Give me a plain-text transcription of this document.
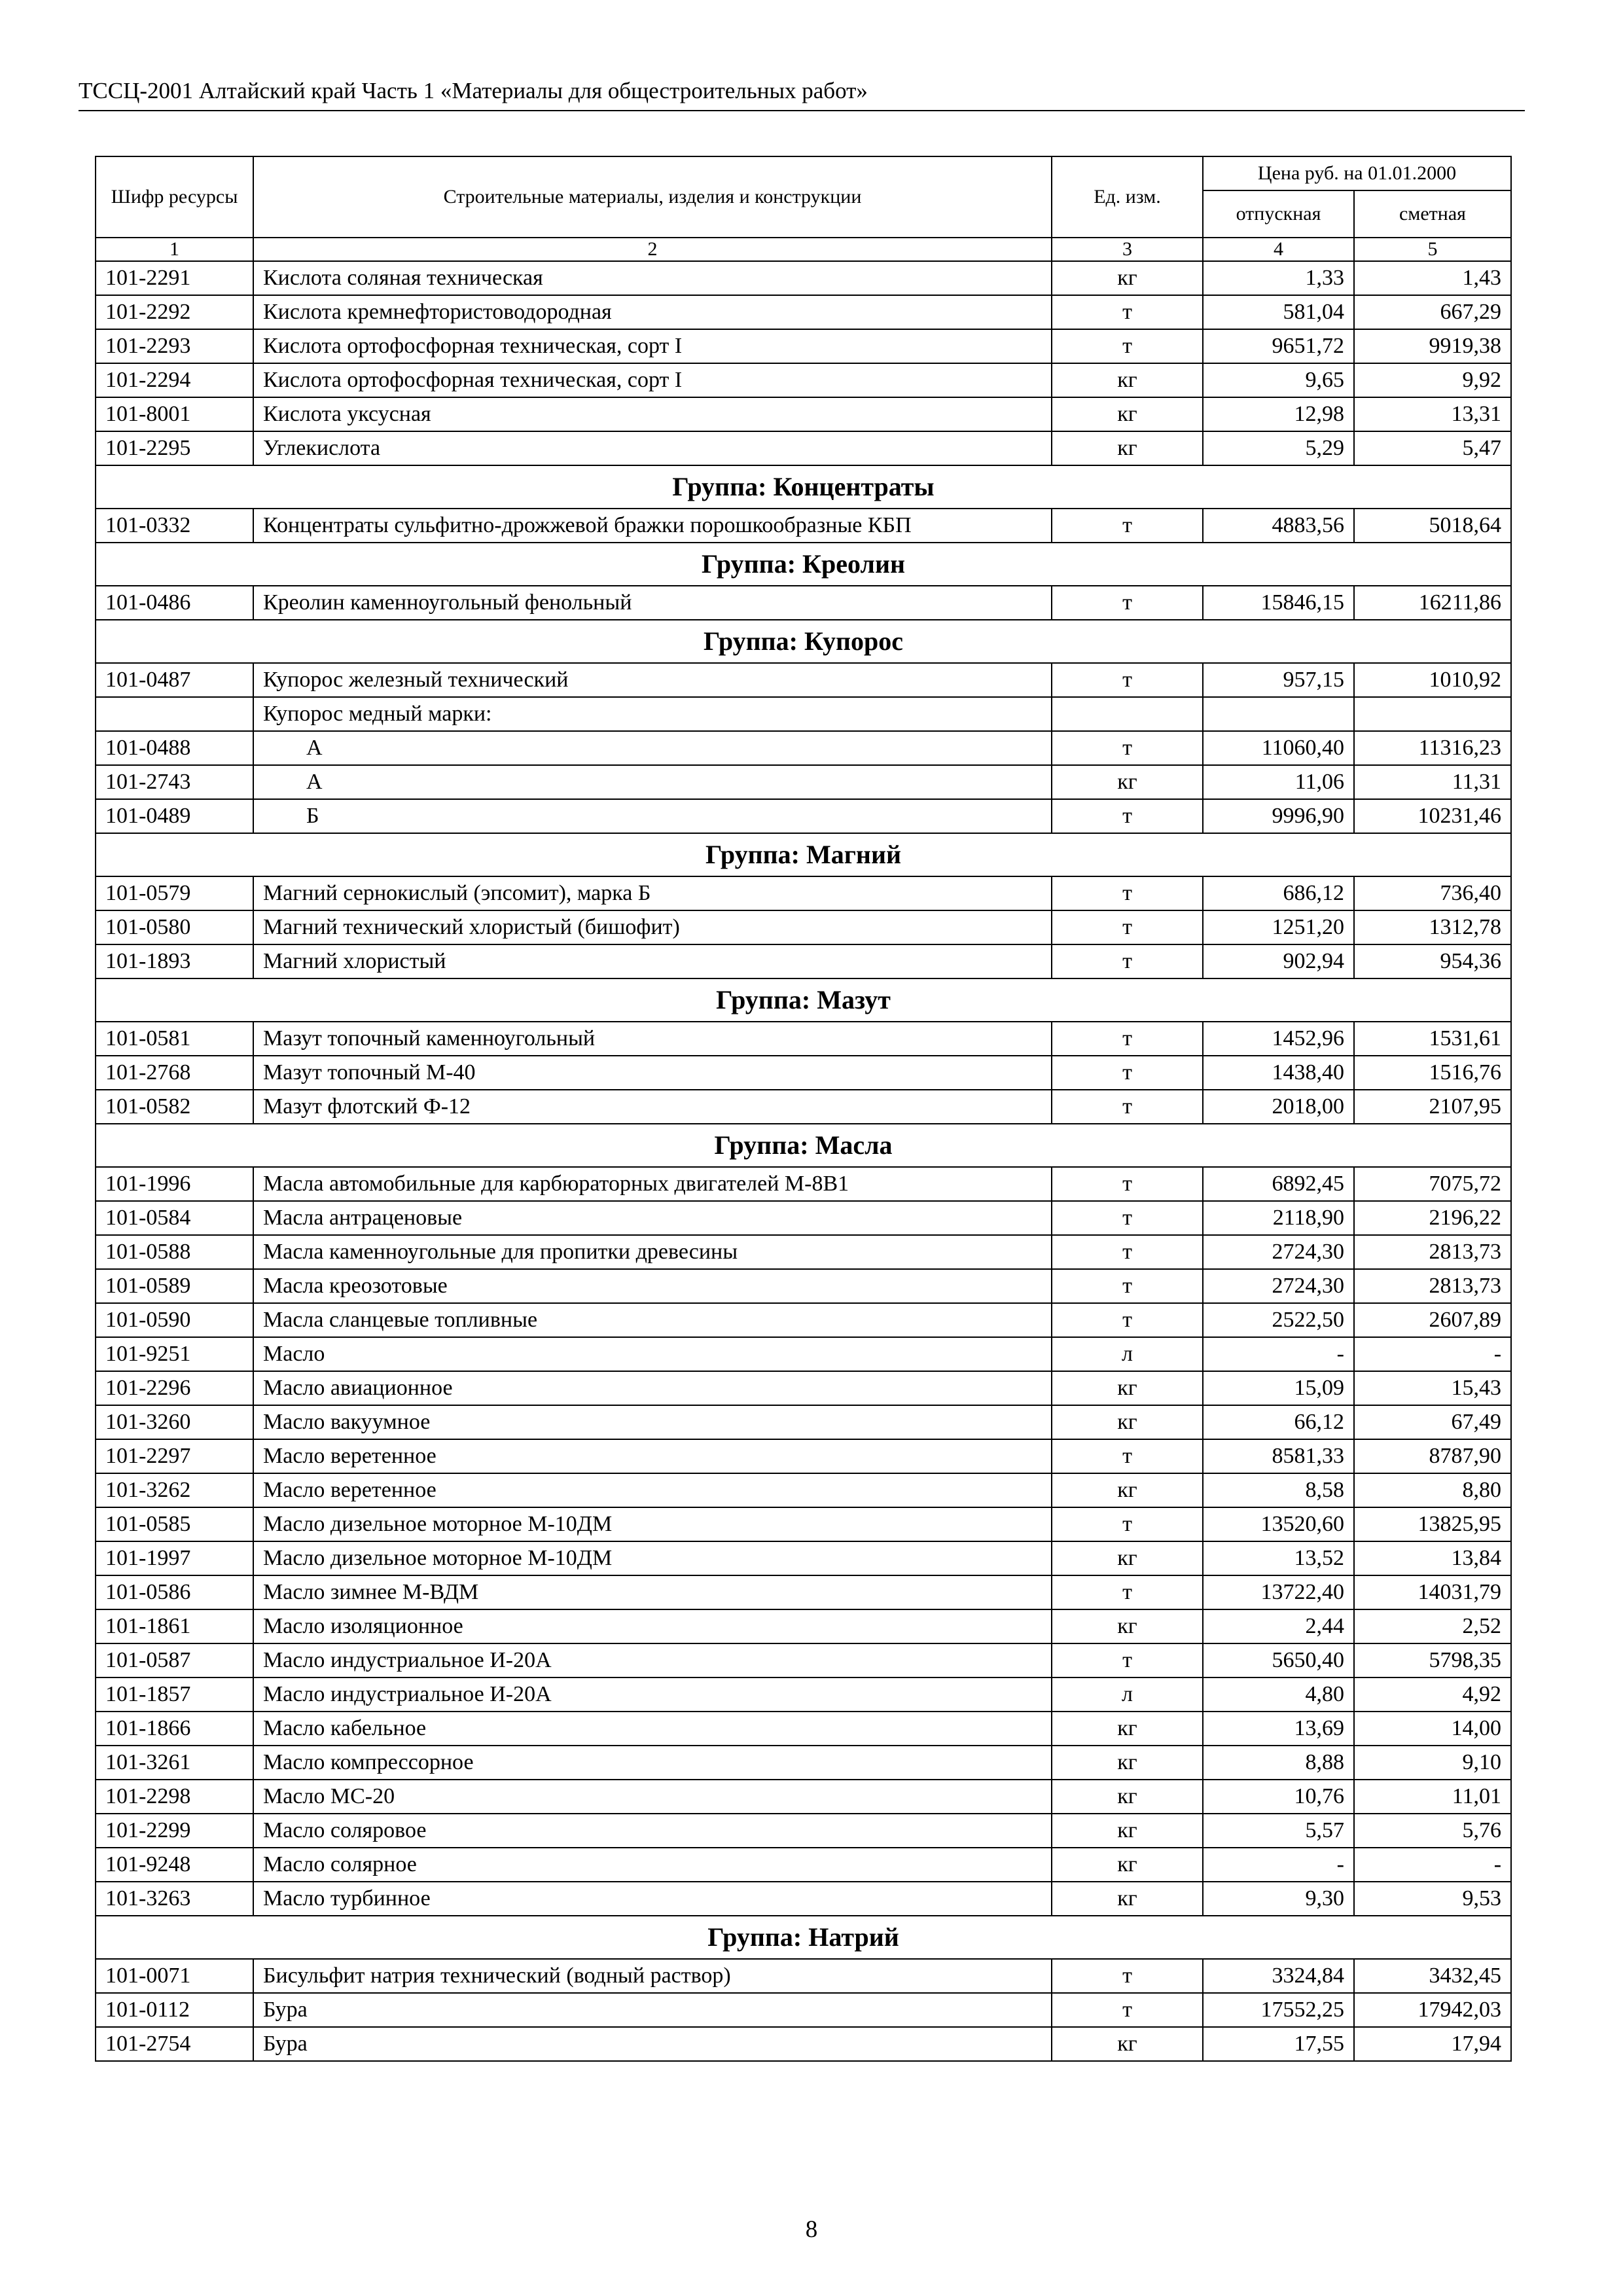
ТССЦ-2001 Алтайский край Часть 1 «Материалы для общестроительных работ»
Шифр ресурсы	Строительные материалы, изделия и конструкции	Ед. изм.	Цена руб. на 01.01.2000	
			отпускная	сметная
1	2	3	4	5
101-2291	Кислота соляная техническая	кг	1,33	1,43
101-2292	Кислота кремнефтористоводородная	т	581,04	667,29
101-2293	Кислота ортофосфорная техническая, сорт I	т	9651,72	9919,38
101-2294	Кислота ортофосфорная техническая, сорт I	кг	9,65	9,92
101-8001	Кислота уксусная	кг	12,98	13,31
101-2295	Углекислота	кг	5,29	5,47
Группа: Концентраты				
101-0332	Концентраты сульфитно-дрожжевой бражки порошкообразные КБП	т	4883,56	5018,64
Группа: Креолин				
101-0486	Креолин каменноугольный фенольный	т	15846,15	16211,86
Группа: Купорос				
101-0487	Купорос железный технический	т	957,15	1010,92
	Купорос медный марки:			
101-0488	А	т	11060,40	11316,23
101-2743	А	кг	11,06	11,31
101-0489	Б	т	9996,90	10231,46
Группа: Магний				
101-0579	Магний сернокислый (эпсомит), марка Б	т	686,12	736,40
101-0580	Магний технический хлористый (бишофит)	т	1251,20	1312,78
101-1893	Магний хлористый	т	902,94	954,36
Группа: Мазут				
101-0581	Мазут топочный каменноугольный	т	1452,96	1531,61
101-2768	Мазут топочный М-40	т	1438,40	1516,76
101-0582	Мазут флотский Ф-12	т	2018,00	2107,95
Группа: Масла				
101-1996	Масла автомобильные для карбюраторных двигателей М-8В1	т	6892,45	7075,72
101-0584	Масла антраценовые	т	2118,90	2196,22
101-0588	Масла каменноугольные для пропитки древесины	т	2724,30	2813,73
101-0589	Масла креозотовые	т	2724,30	2813,73
101-0590	Масла сланцевые топливные	т	2522,50	2607,89
101-9251	Масло	л	-	-
101-2296	Масло авиационное	кг	15,09	15,43
101-3260	Масло вакуумное	кг	66,12	67,49
101-2297	Масло веретенное	т	8581,33	8787,90
101-3262	Масло веретенное	кг	8,58	8,80
101-0585	Масло дизельное моторное М-10ДМ	т	13520,60	13825,95
101-1997	Масло дизельное моторное М-10ДМ	кг	13,52	13,84
101-0586	Масло зимнее М-ВДМ	т	13722,40	14031,79
101-1861	Масло изоляционное	кг	2,44	2,52
101-0587	Масло индустриальное И-20А	т	5650,40	5798,35
101-1857	Масло индустриальное И-20А	л	4,80	4,92
101-1866	Масло кабельное	кг	13,69	14,00
101-3261	Масло компрессорное	кг	8,88	9,10
101-2298	Масло МС-20	кг	10,76	11,01
101-2299	Масло соляровое	кг	5,57	5,76
101-9248	Масло солярное	кг	-	-
101-3263	Масло турбинное	кг	9,30	9,53
Группа: Натрий				
101-0071	Бисульфит натрия технический (водный раствор)	т	3324,84	3432,45
101-0112	Бура	т	17552,25	17942,03
101-2754	Бура	кг	17,55	17,94
8
